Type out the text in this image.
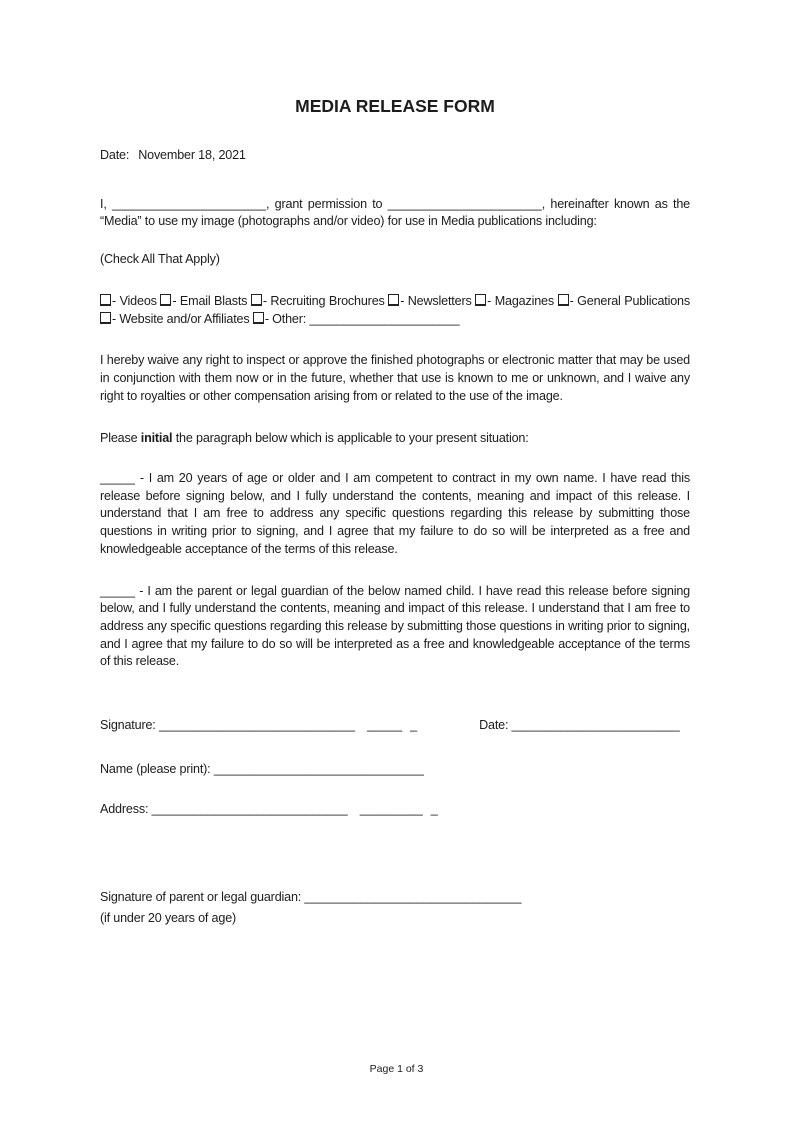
MEDIA RELEASE FORM
Date: November 18, 2021
I, ______________________, grant permission to ______________________, hereinafter known as the “Media” to use my image (photographs and/or video) for use in Media publications including:
(Check All That Apply)
- Videos - Email Blasts - Recruiting Brochures - Newsletters - Magazines - General Publications - Website and/or Affiliates - Other: ______________________
I hereby waive any right to inspect or approve the finished photographs or electronic matter that may be used in conjunction with them now or in the future, whether that use is known to me or unknown, and I waive any right to royalties or other compensation arising from or related to the use of the image.
Please initial the paragraph below which is applicable to your present situation:
_____ - I am 20 years of age or older and I am competent to contract in my own name. I have read this release before signing below, and I fully understand the contents, meaning and impact of this release. I understand that I am free to address any specific questions regarding this release by submitting those questions in writing prior to signing, and I agree that my failure to do so will be interpreted as a free and knowledgeable acceptance of the terms of this release.
_____ - I am the parent or legal guardian of the below named child. I have read this release before signing below, and I fully understand the contents, meaning and impact of this release. I understand that I am free to address any specific questions regarding this release by submitting those questions in writing prior to signing, and I agree that my failure to do so will be interpreted as a free and knowledgeable acceptance of the terms of this release.
Signature: ____________________________ _____ _	Date: ________________________
Name (please print): ______________________________
Address: ____________________________ _________ _
Signature of parent or legal guardian: _______________________________
(if under 20 years of age)
Page 1 of 3
